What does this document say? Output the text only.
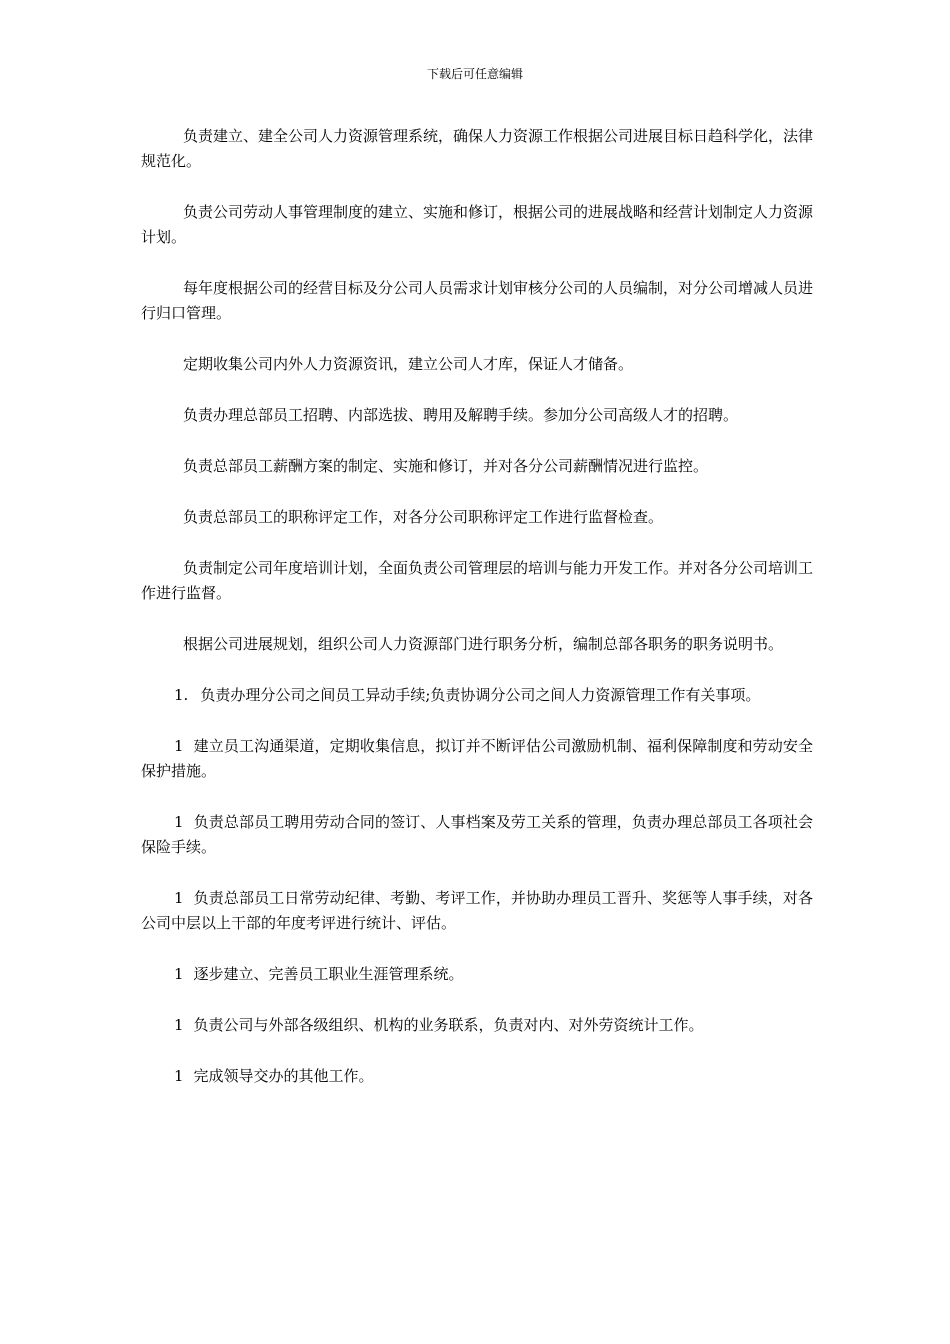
下载后可任意编辑

负责建立、建全公司人力资源管理系统，确保人力资源工作根据公司进展目标日趋科学化，法律规范化。

负责公司劳动人事管理制度的建立、实施和修订，根据公司的进展战略和经营计划制定人力资源计划。

每年度根据公司的经营目标及分公司人员需求计划审核分公司的人员编制，对分公司增减人员进行归口管理。

定期收集公司内外人力资源资讯，建立公司人才库，保证人才储备。

负责办理总部员工招聘、内部选拔、聘用及解聘手续。参加分公司高级人才的招聘。

负责总部员工薪酬方案的制定、实施和修订，并对各分公司薪酬情况进行监控。

负责总部员工的职称评定工作，对各分公司职称评定工作进行监督检查。

负责制定公司年度培训计划，全面负责公司管理层的培训与能力开发工作。并对各分公司培训工作进行监督。

根据公司进展规划，组织公司人力资源部门进行职务分析，编制总部各职务的职务说明书。

1. 负责办理分公司之间员工异动手续;负责协调分公司之间人力资源管理工作有关事项。

1 建立员工沟通渠道，定期收集信息，拟订并不断评估公司激励机制、福利保障制度和劳动安全保护措施。

1 负责总部员工聘用劳动合同的签订、人事档案及劳工关系的管理，负责办理总部员工各项社会保险手续。

1 负责总部员工日常劳动纪律、考勤、考评工作，并协助办理员工晋升、奖惩等人事手续，对各公司中层以上干部的年度考评进行统计、评估。

1 逐步建立、完善员工职业生涯管理系统。

1 负责公司与外部各级组织、机构的业务联系，负责对内、对外劳资统计工作。

1 完成领导交办的其他工作。
